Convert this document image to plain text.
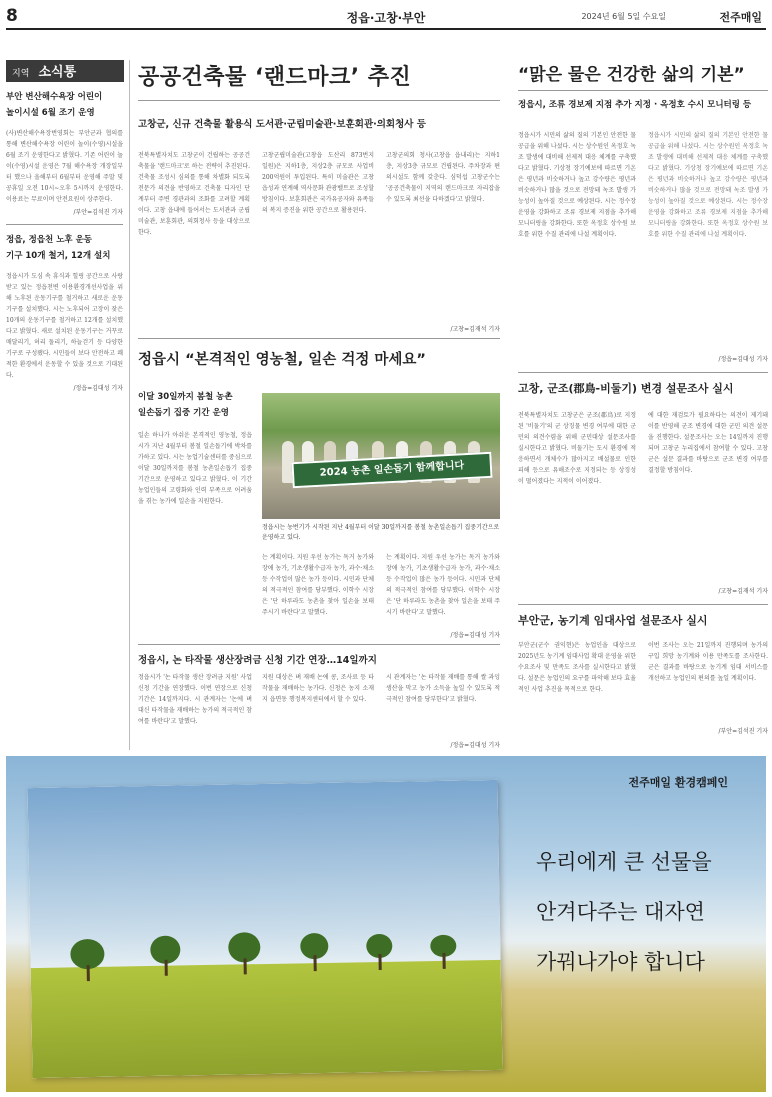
8	정읍·고창·부안	2024년 6월 5일 수요일	전주매일
지역 소식통
부안 변산해수욕장 어린이
놀이시설 6월 조기 운영
(사)변산해수욕장번영회는 부안군과 협의를 통해 변산해수욕장 어린이 놀이(수영)시설을 6월 조기 운영한다고 밝혔다. 기존 어린이 놀이(수영)시설 운영은 7월 해수욕장 개장일부터 했으나 올해부터 6월부터 운영해 주말 및 공휴일 오전 10시~오후 5시까지 운영한다. 이용료는 무료이며 안전요원이 상주한다.
/부안=김석진 기자
정읍, 정읍천 노후 운동
기구 10개 철거, 12개 설치
정읍시가 도심 속 휴식과 힐링 공간으로 사랑받고 있는 정읍천변 이용환경개선사업을 위해 노후된 운동기구를 철거하고 새로운 운동기구를 설치했다. 시는 노후되어 고장이 잦은 10개의 운동기구를 철거하고 12개를 설치했다고 밝혔다. 새로 설치된 운동기구는 거꾸로 매달리기, 허리 돌리기, 하늘걷기 등 다양한 기구로 구성됐다. 시민들이 보다 안전하고 쾌적한 환경에서 운동할 수 있을 것으로 기대된다.
/정읍=김대성 기자
공공건축물 ‘랜드마크’ 추진
고창군, 신규 건축물 활용식 도서관·군립미술관·보훈회관·의회청사 등
전북특별자치도 고창군이 건립하는 공공건축물을 '랜드마크'로 하는 전략이 추진된다. 건축물 조성시 심의를 통해 차별화 되도록 전문가 의견을 반영하고 건축물 디자인 단계부터 주변 경관과의 조화를 고려할 계획이다. 고창 읍내에 들어서는 도서관과 군립미술관, 보훈회관, 의회청사 등을 대상으로 한다.
고창군립미술관(고창읍 도산리 873번지 일원)은 지하1층, 지상2층 규모로 사업비 200억원이 투입된다. 특히 미술관은 고창읍성과 연계해 역사문화 관광벨트로 조성할 방침이다. 보훈회관은 국가유공자와 유족들의 복지 증진을 위한 공간으로 활용된다.
고창군의회 청사(고창읍 읍내리)는 지하1층, 지상3층 규모로 건립된다. 주차장과 편의시설도 함께 갖춘다. 심덕섭 고창군수는 '공공건축물이 지역의 랜드마크로 자리잡을 수 있도록 최선을 다하겠다'고 밝혔다.
/고창=김재석 기자
“맑은 물은 건강한 삶의 기본”
정읍시, 조류 경보제 지점 추가 지정 · 옥정호 수시 모니터링 등
정읍시가 시민의 삶의 질의 기본인 안전한 물 공급을 위해 나섰다. 시는 상수원인 옥정호 녹조 발생에 대비해 선제적 대응 체계를 구축했다고 밝혔다. 기상청 장기예보에 따르면 기온은 평년과 비슷하거나 높고 강수량은 평년과 비슷하거나 많을 것으로 전망돼 녹조 발생 가능성이 높아질 것으로 예상된다. 시는 정수장 운영을 강화하고 조류 경보제 지점을 추가해 모니터링을 강화한다. 또한 옥정호 상수원 보호를 위한 수질 관리에 나설 계획이다.
정읍시가 시민의 삶의 질의 기본인 안전한 물 공급을 위해 나섰다. 시는 상수원인 옥정호 녹조 발생에 대비해 선제적 대응 체계를 구축했다고 밝혔다. 기상청 장기예보에 따르면 기온은 평년과 비슷하거나 높고 강수량은 평년과 비슷하거나 많을 것으로 전망돼 녹조 발생 가능성이 높아질 것으로 예상된다. 시는 정수장 운영을 강화하고 조류 경보제 지점을 추가해 모니터링을 강화한다. 또한 옥정호 상수원 보호를 위한 수질 관리에 나설 계획이다.
/정읍=김대성 기자
정읍시 “본격적인 영농철, 일손 걱정 마세요”
이달 30일까지 봄철 농촌
일손돕기 집중 기간 운영
일손 하나가 아쉬운 본격적인 영농철, 정읍시가 지난 4월부터 봄철 일손돕기에 박차를 가하고 있다. 시는 농업기술센터를 중심으로 이달 30일까지를 봄철 농촌일손돕기 집중 기간으로 운영하고 있다고 밝혔다. 이 기간 농업인들의 고령화와 인력 부족으로 어려움을 겪는 농가에 일손을 지원한다.
2024 농촌 일손돕기 함께합니다
정읍시는 농번기가 시작된 지난 4월부터 이달 30일까지를 봄철 농촌일손돕기 집중기간으로 운영하고 있다.
는 계획이다. 지원 우선 농가는 독거 농가와 장애 농가, 기초생활수급자 농가, 과수·채소 등 수작업이 많은 농가 등이다. 시민과 단체의 적극적인 참여를 당부했다. 이학수 시장은 '단 하루라도 농촌을 찾아 일손을 보태 주시기 바란다'고 말했다.
는 계획이다. 지원 우선 농가는 독거 농가와 장애 농가, 기초생활수급자 농가, 과수·채소 등 수작업이 많은 농가 등이다. 시민과 단체의 적극적인 참여를 당부했다. 이학수 시장은 '단 하루라도 농촌을 찾아 일손을 보태 주시기 바란다'고 말했다.
/정읍=김대성 기자
고창, 군조(郡鳥-비둘기) 변경 설문조사 실시
전북특별자치도 고창군은 군조(郡鳥)로 지정된 '비둘기'의 군 상징물 변경 여부에 대한 군민의 의견수렴을 위해 군민대상 설문조사를 실시한다고 밝혔다. 비둘기는 도시 환경에 적응하면서 개체수가 많아지고 배설물로 인한 피해 등으로 유해조수로 지정되는 등 상징성이 떨어졌다는 지적이 이어졌다.
에 대한 재검토가 필요하다는 의견이 제기돼 이를 반영해 군조 변경에 대한 군민 의견 설문을 진행한다. 설문조사는 오는 14일까지 진행되며 고창군 누리집에서 참여할 수 있다. 고창군은 설문 결과를 바탕으로 군조 변경 여부를 결정할 방침이다.
/고창=김재석 기자
부안군, 농기계 임대사업 설문조사 실시
부안군(군수 권익현)은 농업인을 대상으로 2025년도 농기계 임대사업 확대 운영을 위한 수요조사 및 만족도 조사를 실시한다고 밝혔다. 설문은 농업인의 요구를 파악해 보다 효율적인 사업 추진을 목적으로 한다.
이번 조사는 오는 21일까지 진행되며 농가의 구입 희망 농기계와 이용 만족도를 조사한다. 군은 결과를 바탕으로 농기계 임대 서비스를 개선하고 농업인의 편의를 높일 계획이다.
/부안=김석진 기자
정읍시, 논 타작물 생산장려금 신청 기간 연장…14일까지
정읍시가 '논 타작물 생산 장려금 지원' 사업 신청 기간을 연장했다. 이번 연장으로 신청 기간은 14일까지다. 시 관계자는 '논에 벼 대신 타작물을 재배하는 농가의 적극적인 참여를 바란다'고 말했다.
지원 대상은 벼 재배 논에 콩, 조사료 등 타작물을 재배하는 농가다. 신청은 농지 소재지 읍면동 행정복지센터에서 할 수 있다.
시 관계자는 '논 타작물 재배를 통해 쌀 과잉 생산을 막고 농가 소득을 높일 수 있도록 적극적인 참여를 당부한다'고 밝혔다.
/정읍=김대성 기자
전주매일 환경캠페인
우리에게 큰 선물을
안겨다주는 대자연
가꿔나가야 합니다
